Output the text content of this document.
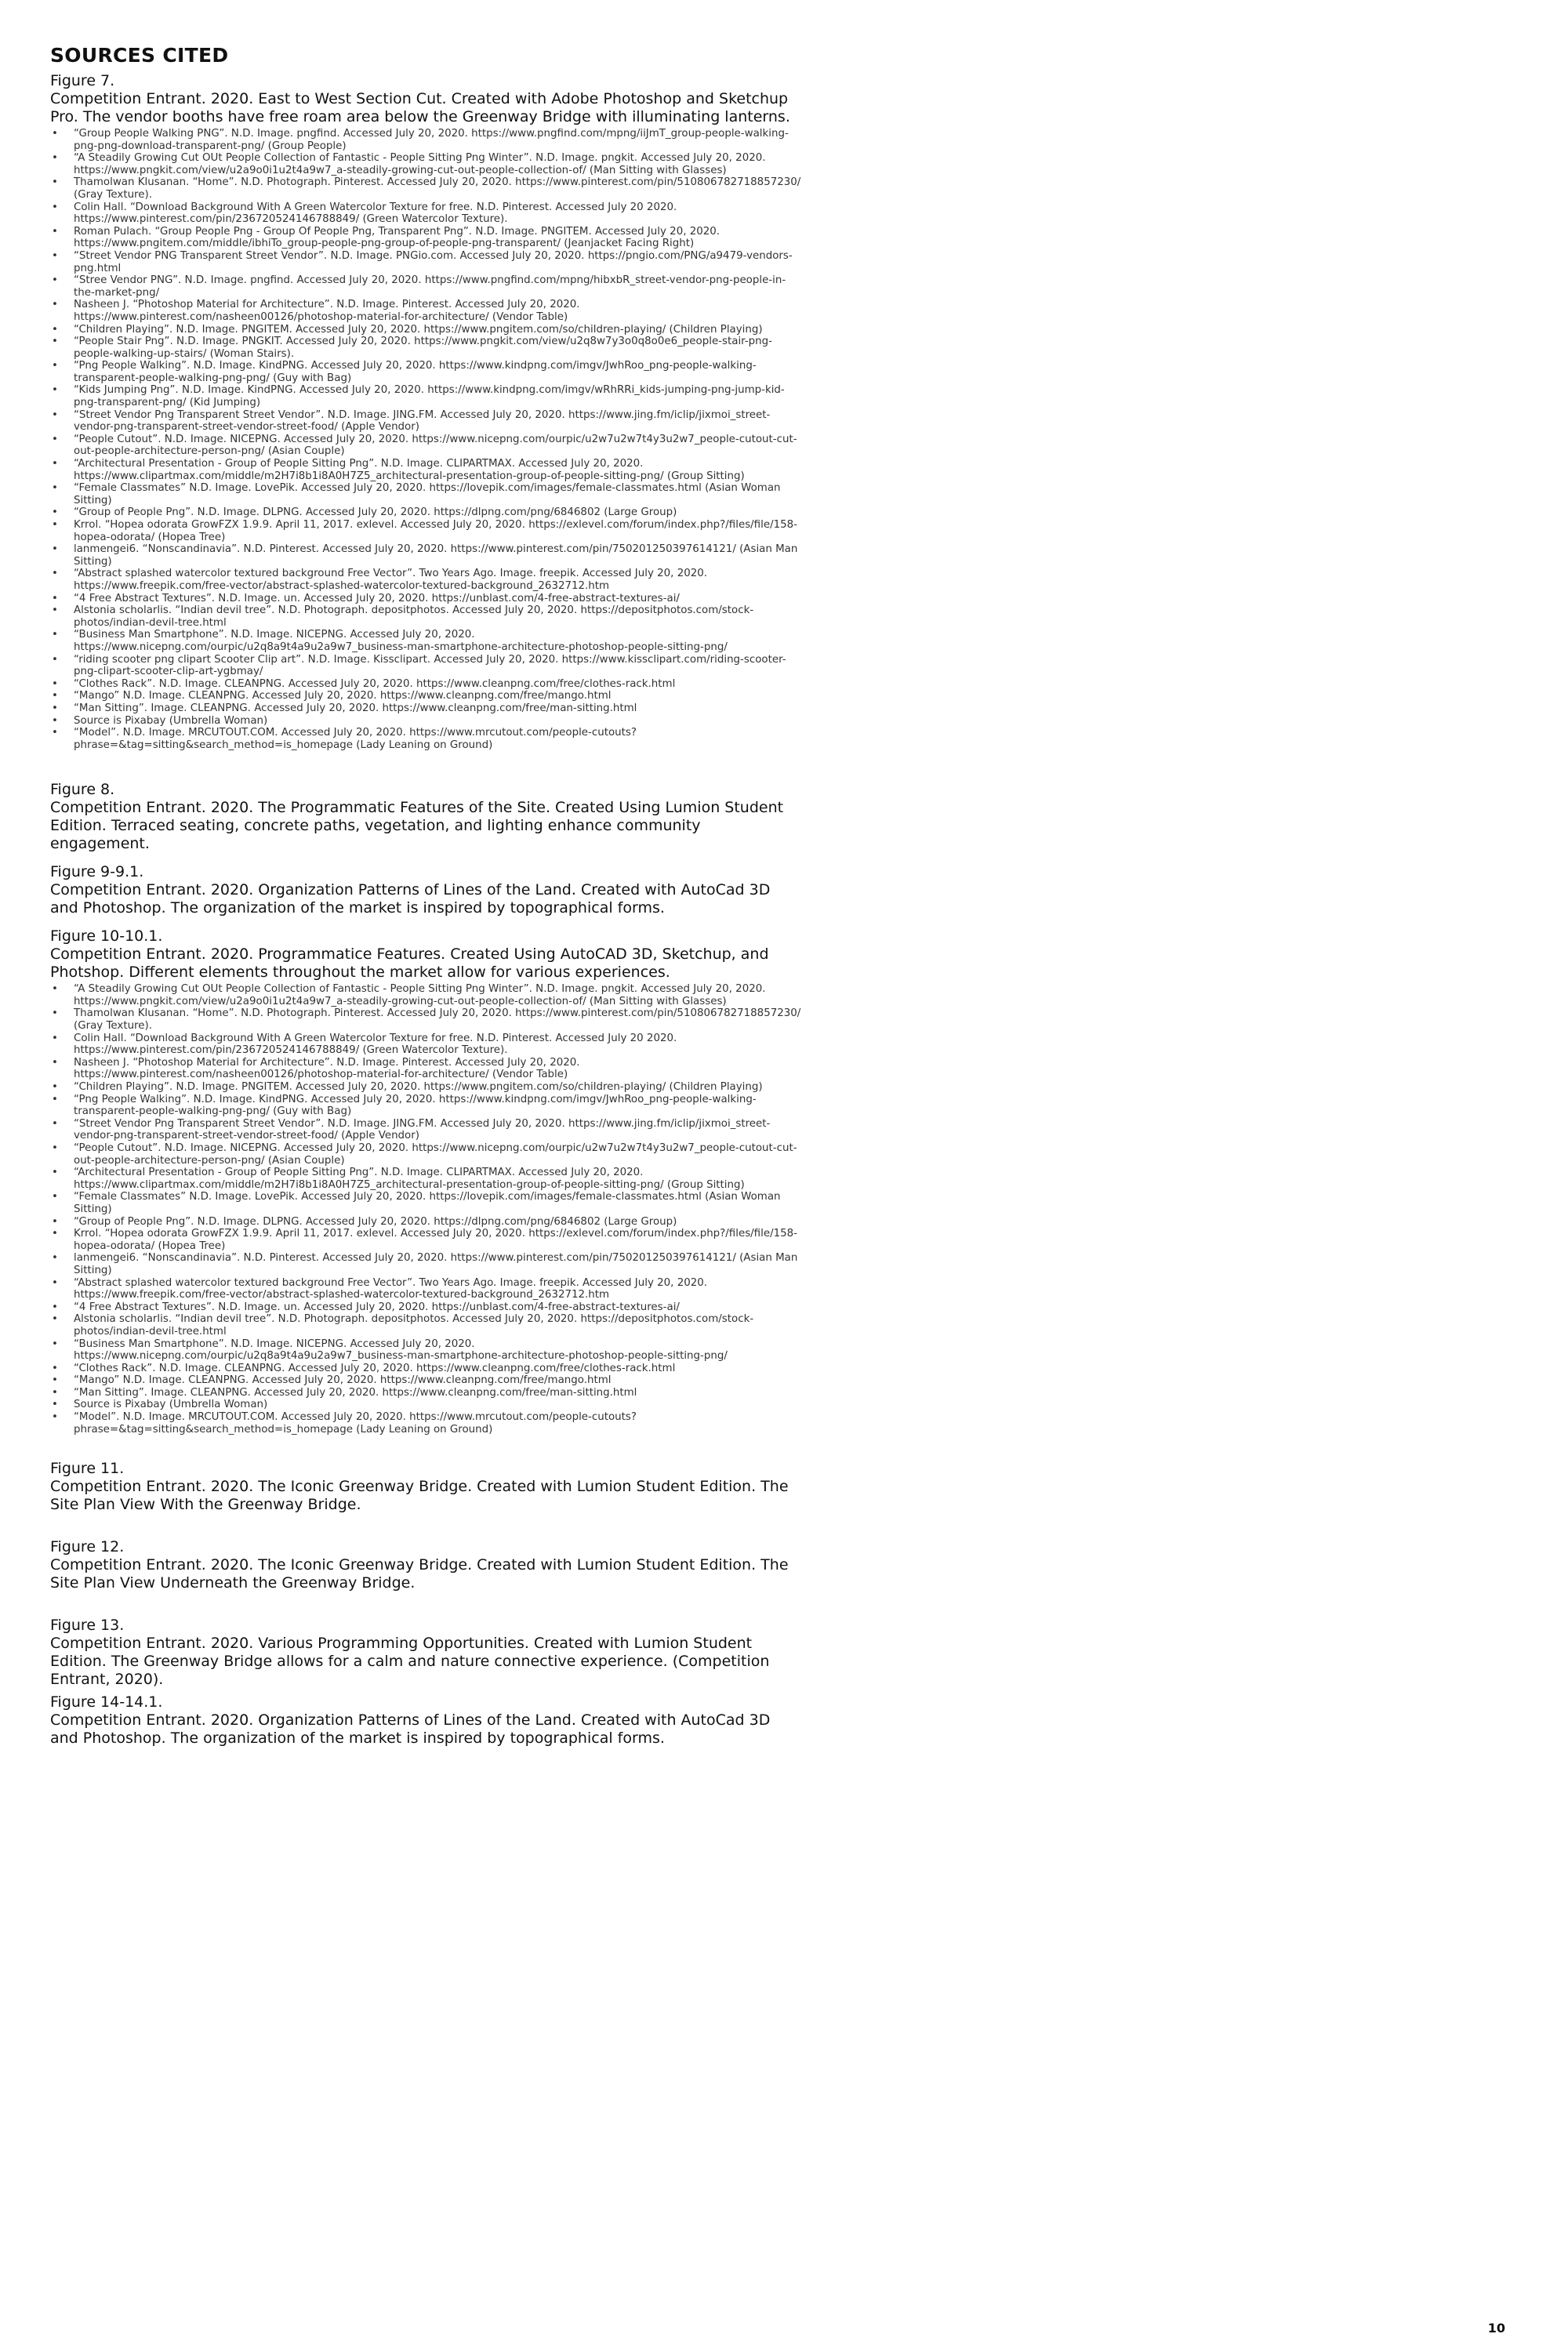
SOURCES CITED

Figure 7.

Competition Entrant. 2020. East to West Section Cut. Created with Adobe Photoshop and Sketchup Pro. The vendor booths have free roam area below the Greenway Bridge with illuminating lanterns.

• “Group People Walking PNG”. N.D. Image. pngfind. Accessed July 20, 2020. https://www.pngfind.com/mpng/iiJmT_group-people-walking-png-png-download-transparent-png/ (Group People)
• “A Steadily Growing Cut OUt People Collection of Fantastic - People Sitting Png Winter”. N.D. Image. pngkit. Accessed July 20, 2020. https://www.pngkit.com/view/u2a9o0i1u2t4a9w7_a-steadily-growing-cut-out-people-collection-of/ (Man Sitting with Glasses)
• Thamolwan Klusanan. “Home”. N.D. Photograph. Pinterest. Accessed July 20, 2020. https://www.pinterest.com/pin/510806782718857230/ (Gray Texture).
• Colin Hall. “Download Background With A Green Watercolor Texture for free. N.D. Pinterest. Accessed July 20 2020. https://www.pinterest.com/pin/236720524146788849/ (Green Watercolor Texture).
• Roman Pulach. “Group People Png - Group Of People Png, Transparent Png”. N.D. Image. PNGITEM. Accessed July 20, 2020. https://www.pngitem.com/middle/ibhiTo_group-people-png-group-of-people-png-transparent/ (Jeanjacket Facing Right)
• “Street Vendor PNG Transparent Street Vendor”. N.D. Image. PNGio.com. Accessed July 20, 2020. https://pngio.com/PNG/a9479-vendors-png.html
• “Stree Vendor PNG”. N.D. Image. pngfind. Accessed July 20, 2020. https://www.pngfind.com/mpng/hibxbR_street-vendor-png-people-in-the-market-png/
• Nasheen J. “Photoshop Material for Architecture”. N.D. Image. Pinterest. Accessed July 20, 2020. https://www.pinterest.com/nasheen00126/photoshop-material-for-architecture/ (Vendor Table)
• “Children Playing”. N.D. Image. PNGITEM. Accessed July 20, 2020. https://www.pngitem.com/so/children-playing/ (Children Playing)
• “People Stair Png”. N.D. Image. PNGKIT. Accessed July 20, 2020. https://www.pngkit.com/view/u2q8w7y3o0q8o0e6_people-stair-png-people-walking-up-stairs/ (Woman Stairs).
• “Png People Walking”. N.D. Image. KindPNG. Accessed July 20, 2020. https://www.kindpng.com/imgv/JwhRoo_png-people-walking-transparent-people-walking-png-png/ (Guy with Bag)
• “Kids Jumping Png”. N.D. Image. KindPNG. Accessed July 20, 2020. https://www.kindpng.com/imgv/wRhRRi_kids-jumping-png-jump-kid-png-transparent-png/ (Kid Jumping)
• “Street Vendor Png Transparent Street Vendor”. N.D. Image. JING.FM. Accessed July 20, 2020. https://www.jing.fm/iclip/jixmoi_street-vendor-png-transparent-street-vendor-street-food/ (Apple Vendor)
• “People Cutout”. N.D. Image. NICEPNG. Accessed July 20, 2020. https://www.nicepng.com/ourpic/u2w7u2w7t4y3u2w7_people-cutout-cut-out-people-architecture-person-png/ (Asian Couple)
• “Architectural Presentation - Group of People Sitting Png”. N.D. Image. CLIPARTMAX. Accessed July 20, 2020. https://www.clipartmax.com/middle/m2H7i8b1i8A0H7Z5_architectural-presentation-group-of-people-sitting-png/ (Group Sitting)
• “Female Classmates” N.D. Image. LovePik. Accessed July 20, 2020. https://lovepik.com/images/female-classmates.html (Asian Woman Sitting)
• “Group of People Png”. N.D. Image. DLPNG. Accessed July 20, 2020. https://dlpng.com/png/6846802 (Large Group)
• Krrol. “Hopea odorata GrowFZX 1.9.9. April 11, 2017. exlevel. Accessed July 20, 2020. https://exlevel.com/forum/index.php?/files/file/158-hopea-odorata/ (Hopea Tree)
• lanmengei6. “Nonscandinavia”. N.D. Pinterest. Accessed July 20, 2020. https://www.pinterest.com/pin/750201250397614121/ (Asian Man Sitting)
• “Abstract splashed watercolor textured background Free Vector”. Two Years Ago. Image. freepik. Accessed July 20, 2020. https://www.freepik.com/free-vector/abstract-splashed-watercolor-textured-background_2632712.htm
• “4 Free Abstract Textures”. N.D. Image. un. Accessed July 20, 2020. https://unblast.com/4-free-abstract-textures-ai/
• Alstonia scholarlis. “Indian devil tree”. N.D. Photograph. depositphotos. Accessed July 20, 2020. https://depositphotos.com/stock-photos/indian-devil-tree.html
• “Business Man Smartphone”. N.D. Image. NICEPNG. Accessed July 20, 2020. https://www.nicepng.com/ourpic/u2q8a9t4a9u2a9w7_business-man-smartphone-architecture-photoshop-people-sitting-png/
• “riding scooter png clipart Scooter Clip art”. N.D. Image. Kissclipart. Accessed July 20, 2020. https://www.kissclipart.com/riding-scooter-png-clipart-scooter-clip-art-ygbmay/
• “Clothes Rack”. N.D. Image. CLEANPNG. Accessed July 20, 2020. https://www.cleanpng.com/free/clothes-rack.html
• “Mango” N.D. Image. CLEANPNG. Accessed July 20, 2020. https://www.cleanpng.com/free/mango.html
• “Man Sitting”. Image. CLEANPNG. Accessed July 20, 2020. https://www.cleanpng.com/free/man-sitting.html
• Source is Pixabay (Umbrella Woman)
• “Model”. N.D. Image. MRCUTOUT.COM. Accessed July 20, 2020. https://www.mrcutout.com/people-cutouts?phrase=&tag=sitting&search_method=is_homepage (Lady Leaning on Ground)

Figure 8.

Competition Entrant. 2020. The Programmatic Features of the Site. Created Using Lumion Student Edition. Terraced seating, concrete paths, vegetation, and lighting enhance community engagement.

Figure 9-9.1.

Competition Entrant. 2020. Organization Patterns of Lines of the Land. Created with AutoCad 3D and Photoshop. The organization of the market is inspired by topographical forms.

Figure 10-10.1.

Competition Entrant. 2020. Programmatice Features. Created Using AutoCAD 3D, Sketchup, and Photshop. Different elements throughout the market allow for various experiences.

• “A Steadily Growing Cut OUt People Collection of Fantastic - People Sitting Png Winter”. N.D. Image. pngkit. Accessed July 20, 2020. https://www.pngkit.com/view/u2a9o0i1u2t4a9w7_a-steadily-growing-cut-out-people-collection-of/ (Man Sitting with Glasses)
• Thamolwan Klusanan. “Home”. N.D. Photograph. Pinterest. Accessed July 20, 2020. https://www.pinterest.com/pin/510806782718857230/ (Gray Texture).
• Colin Hall. “Download Background With A Green Watercolor Texture for free. N.D. Pinterest. Accessed July 20 2020. https://www.pinterest.com/pin/236720524146788849/ (Green Watercolor Texture).
• Nasheen J. “Photoshop Material for Architecture”. N.D. Image. Pinterest. Accessed July 20, 2020. https://www.pinterest.com/nasheen00126/photoshop-material-for-architecture/ (Vendor Table)
• “Children Playing”. N.D. Image. PNGITEM. Accessed July 20, 2020. https://www.pngitem.com/so/children-playing/ (Children Playing)
• “Png People Walking”. N.D. Image. KindPNG. Accessed July 20, 2020. https://www.kindpng.com/imgv/JwhRoo_png-people-walking-transparent-people-walking-png-png/ (Guy with Bag)
• “Street Vendor Png Transparent Street Vendor”. N.D. Image. JING.FM. Accessed July 20, 2020. https://www.jing.fm/iclip/jixmoi_street-vendor-png-transparent-street-vendor-street-food/ (Apple Vendor)
• “People Cutout”. N.D. Image. NICEPNG. Accessed July 20, 2020. https://www.nicepng.com/ourpic/u2w7u2w7t4y3u2w7_people-cutout-cut-out-people-architecture-person-png/ (Asian Couple)
• “Architectural Presentation - Group of People Sitting Png”. N.D. Image. CLIPARTMAX. Accessed July 20, 2020. https://www.clipartmax.com/middle/m2H7i8b1i8A0H7Z5_architectural-presentation-group-of-people-sitting-png/ (Group Sitting)
• “Female Classmates” N.D. Image. LovePik. Accessed July 20, 2020. https://lovepik.com/images/female-classmates.html (Asian Woman Sitting)
• “Group of People Png”. N.D. Image. DLPNG. Accessed July 20, 2020. https://dlpng.com/png/6846802 (Large Group)
• Krrol. “Hopea odorata GrowFZX 1.9.9. April 11, 2017. exlevel. Accessed July 20, 2020. https://exlevel.com/forum/index.php?/files/file/158-hopea-odorata/ (Hopea Tree)
• lanmengei6. “Nonscandinavia”. N.D. Pinterest. Accessed July 20, 2020. https://www.pinterest.com/pin/750201250397614121/ (Asian Man Sitting)
• “Abstract splashed watercolor textured background Free Vector”. Two Years Ago. Image. freepik. Accessed July 20, 2020. https://www.freepik.com/free-vector/abstract-splashed-watercolor-textured-background_2632712.htm
• “4 Free Abstract Textures”. N.D. Image. un. Accessed July 20, 2020. https://unblast.com/4-free-abstract-textures-ai/
• Alstonia scholarlis. “Indian devil tree”. N.D. Photograph. depositphotos. Accessed July 20, 2020. https://depositphotos.com/stock-photos/indian-devil-tree.html
• “Business Man Smartphone”. N.D. Image. NICEPNG. Accessed July 20, 2020. https://www.nicepng.com/ourpic/u2q8a9t4a9u2a9w7_business-man-smartphone-architecture-photoshop-people-sitting-png/
• “Clothes Rack”. N.D. Image. CLEANPNG. Accessed July 20, 2020. https://www.cleanpng.com/free/clothes-rack.html
• “Mango” N.D. Image. CLEANPNG. Accessed July 20, 2020. https://www.cleanpng.com/free/mango.html
• “Man Sitting”. Image. CLEANPNG. Accessed July 20, 2020. https://www.cleanpng.com/free/man-sitting.html
• Source is Pixabay (Umbrella Woman)
• “Model”. N.D. Image. MRCUTOUT.COM. Accessed July 20, 2020. https://www.mrcutout.com/people-cutouts?phrase=&tag=sitting&search_method=is_homepage (Lady Leaning on Ground)

Figure 11.

Competition Entrant. 2020. The Iconic Greenway Bridge. Created with Lumion Student Edition. The Site Plan View With the Greenway Bridge.

Figure 12.

Competition Entrant. 2020. The Iconic Greenway Bridge. Created with Lumion Student Edition. The Site Plan View Underneath the Greenway Bridge.

Figure 13.

Competition Entrant. 2020. Various Programming Opportunities. Created with Lumion Student Edition. The Greenway Bridge allows for a calm and nature connective experience. (Competition Entrant, 2020).

Figure 14-14.1.

Competition Entrant. 2020. Organization Patterns of Lines of the Land. Created with AutoCad 3D and Photoshop. The organization of the market is inspired by topographical forms.

10
